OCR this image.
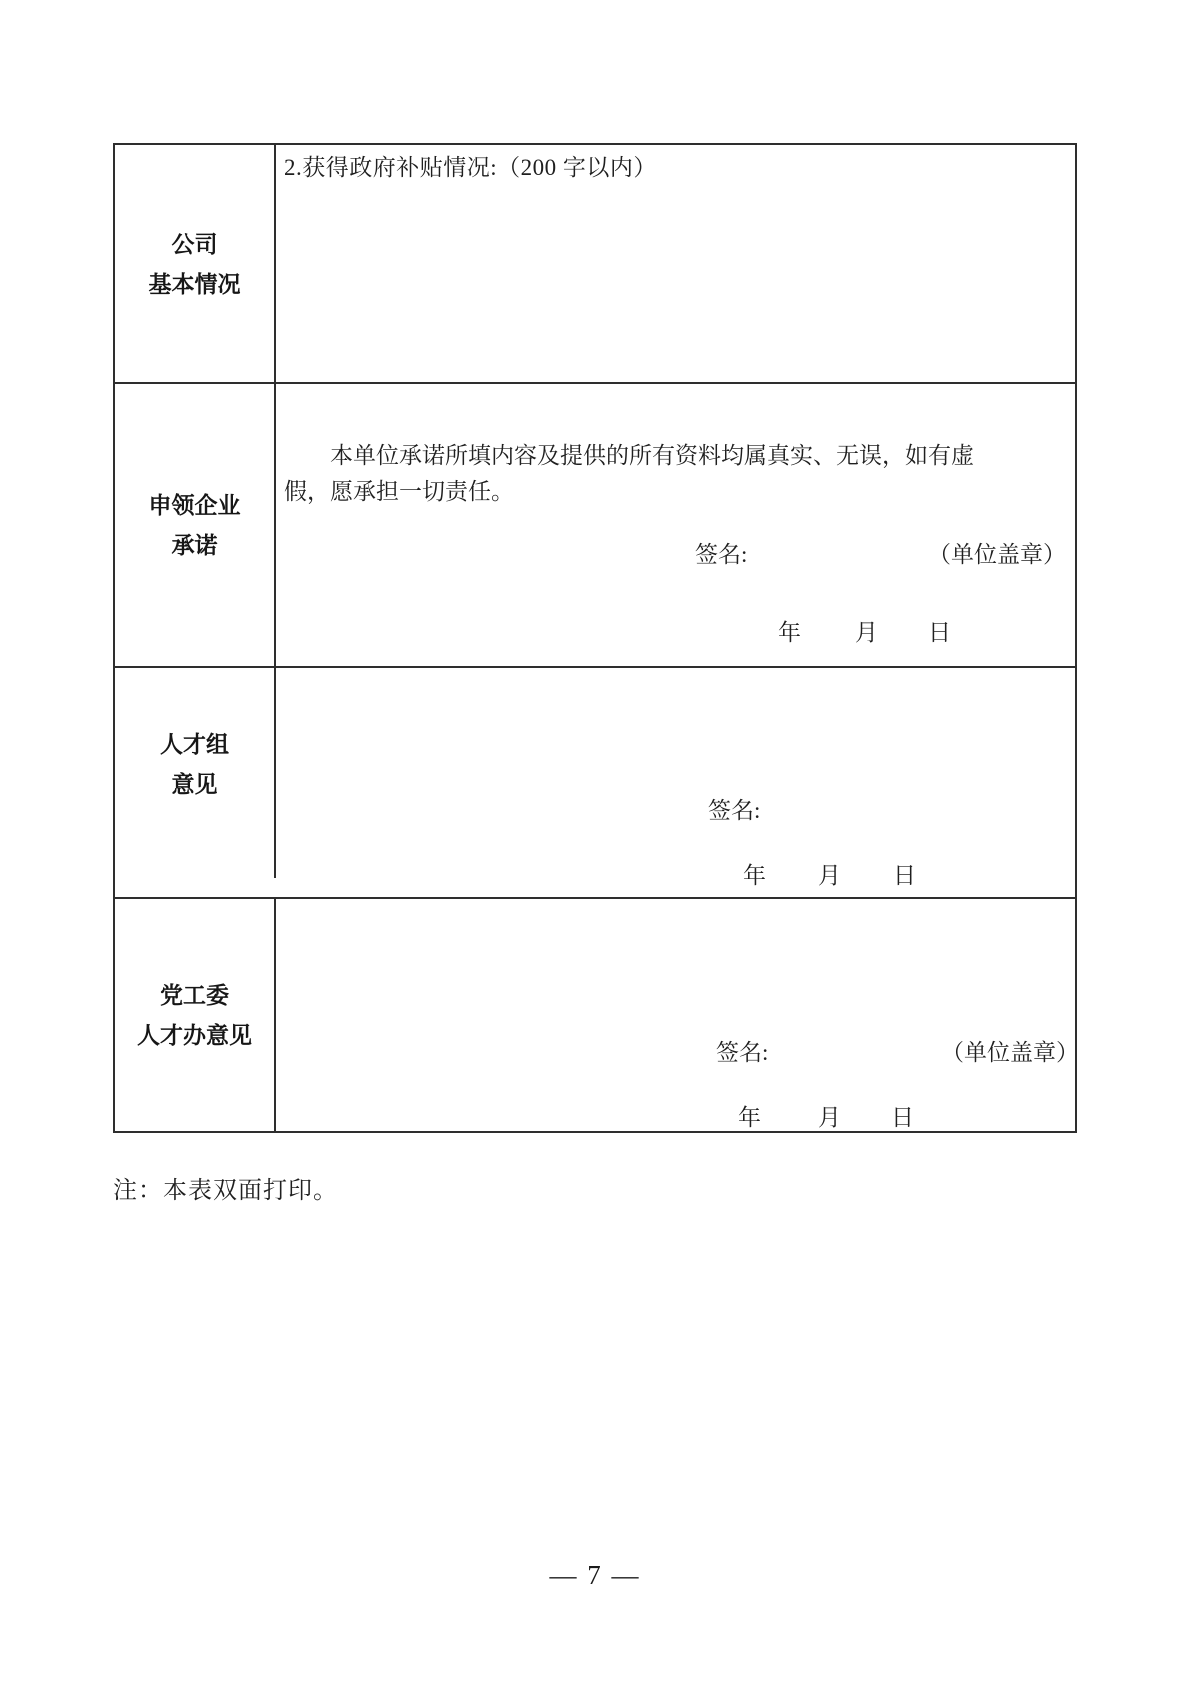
公司
基本情况
2.获得政府补贴情况:（200 字以内）
申领企业
承诺
本单位承诺所填内容及提供的所有资料均属真实、无误，如有虚
假，愿承担一切责任。
签名:	（单位盖章）
年 月 日
人才组
意见
签名:
年 月 日
党工委
人才办意见
签名:	（单位盖章）
年 月 日
注：本表双面打印。
— 7 —
